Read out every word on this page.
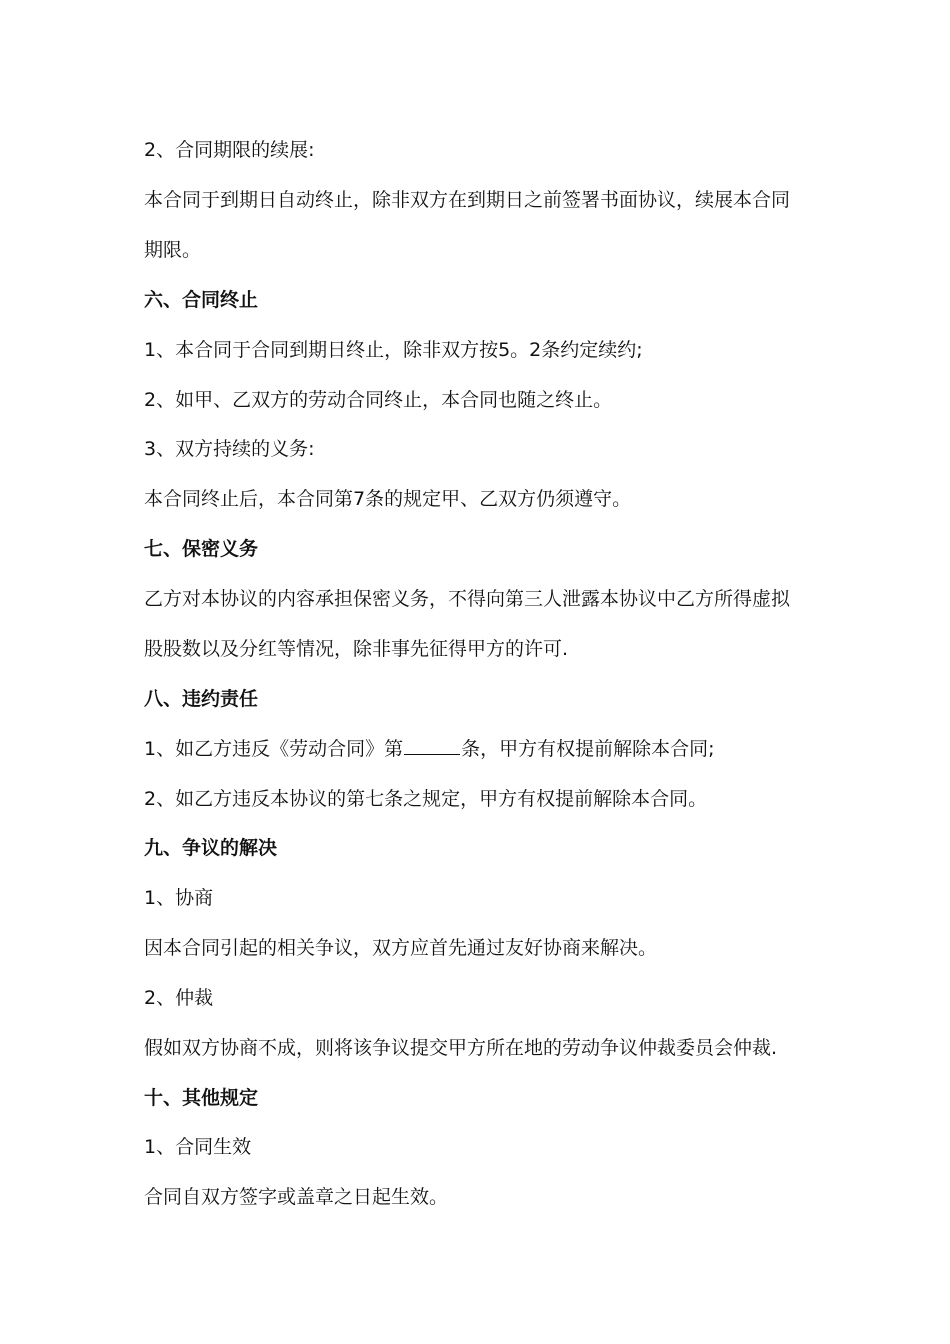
2、合同期限的续展:
本合同于到期日自动终止，除非双方在到期日之前签署书面协议，续展本合同
期限。
六、合同终止
1、本合同于合同到期日终止，除非双方按5。2条约定续约;
2、如甲、乙双方的劳动合同终止，本合同也随之终止。
3、双方持续的义务:
本合同终止后，本合同第7条的规定甲、乙双方仍须遵守。
七、保密义务
乙方对本协议的内容承担保密义务，不得向第三人泄露本协议中乙方所得虚拟
股股数以及分红等情况，除非事先征得甲方的许可.
八、违约责任
1、如乙方违反《劳动合同》第	条，甲方有权提前解除本合同;
2、如乙方违反本协议的第七条之规定，甲方有权提前解除本合同。
九、争议的解决
1、协商
因本合同引起的相关争议，双方应首先通过友好协商来解决。
2、仲裁
假如双方协商不成，则将该争议提交甲方所在地的劳动争议仲裁委员会仲裁.
十、其他规定
1、合同生效
合同自双方签字或盖章之日起生效。
